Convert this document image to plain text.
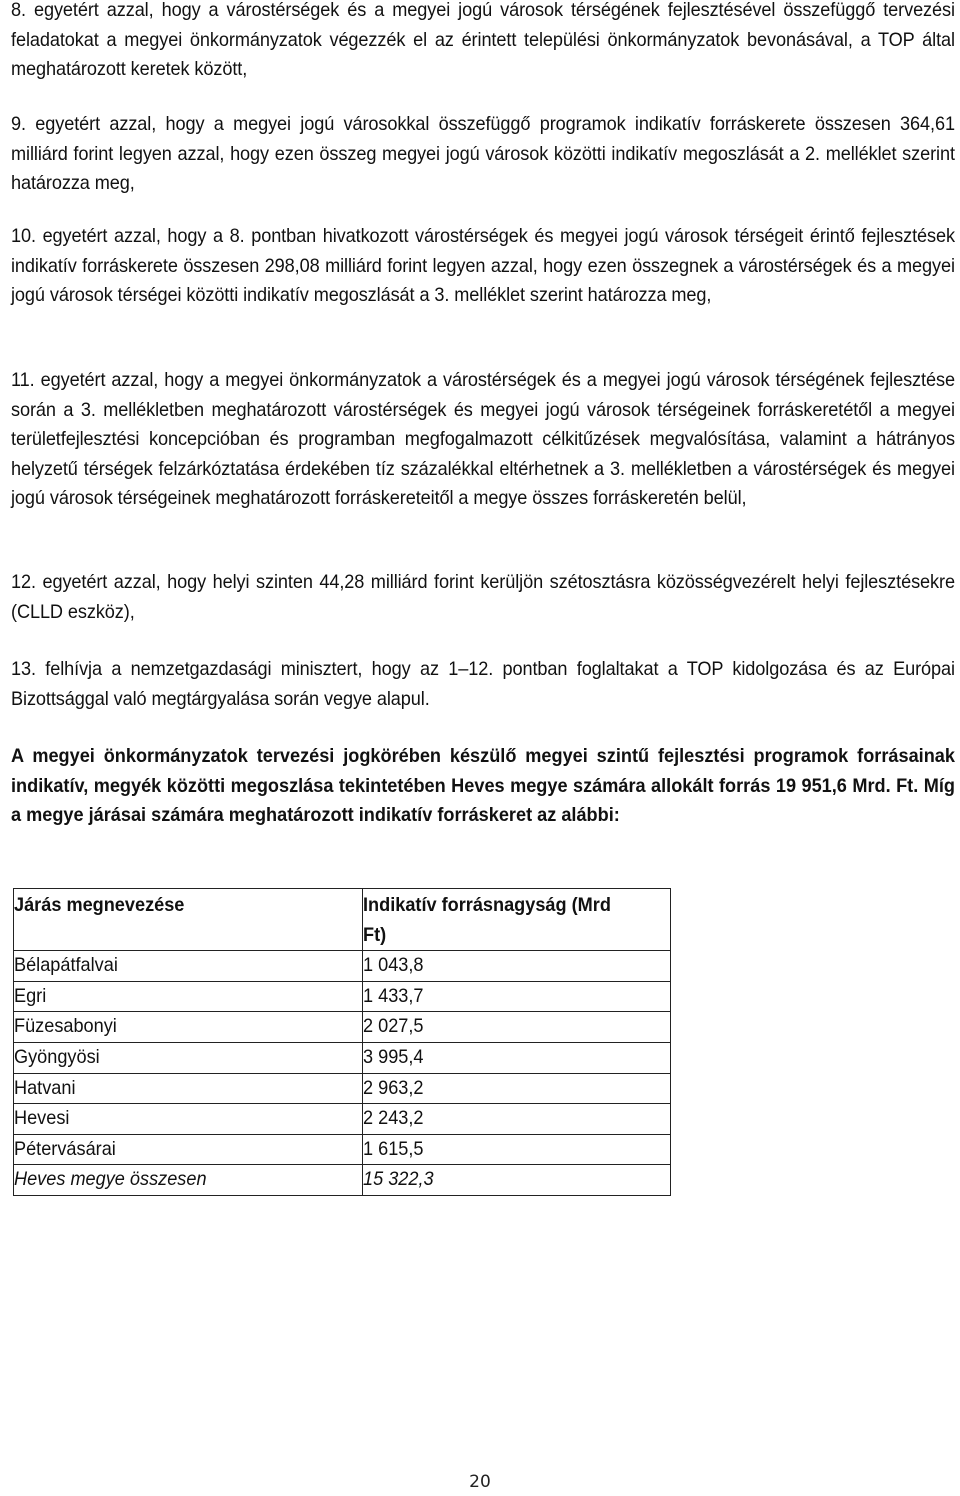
8. egyetért azzal, hogy a várostérségek és a megyei jogú városok térségének fejlesztésével összefüggő tervezési feladatokat a megyei önkormányzatok végezzék el az érintett települési önkormányzatok bevonásával, a TOP által meghatározott keretek között,

9. egyetért azzal, hogy a megyei jogú városokkal összefüggő programok indikatív forráskerete összesen 364,61 milliárd forint legyen azzal, hogy ezen összeg megyei jogú városok közötti indikatív megoszlását a 2. melléklet szerint határozza meg,

10. egyetért azzal, hogy a 8. pontban hivatkozott várostérségek és megyei jogú városok térségeit érintő fejlesztések indikatív forráskerete összesen 298,08 milliárd forint legyen azzal, hogy ezen összegnek a várostérségek és a megyei jogú városok térségei közötti indikatív megoszlását a 3. melléklet szerint határozza meg,

11. egyetért azzal, hogy a megyei önkormányzatok a várostérségek és a megyei jogú városok térségének fejlesztése során a 3. mellékletben meghatározott várostérségek és megyei jogú városok térségeinek forráskeretétől a megyei területfejlesztési koncepcióban és programban megfogalmazott célkitűzések megvalósítása, valamint a hátrányos helyzetű térségek felzárkóztatása érdekében tíz százalékkal eltérhetnek a 3. mellékletben a várostérségek és megyei jogú városok térségeinek meghatározott forráskereteitől a megye összes forráskeretén belül,

12. egyetért azzal, hogy helyi szinten 44,28 milliárd forint kerüljön szétosztásra közösségvezérelt helyi fejlesztésekre (CLLD eszköz),

13. felhívja a nemzetgazdasági minisztert, hogy az 1–12. pontban foglaltakat a TOP kidolgozása és az Európai Bizottsággal való megtárgyalása során vegye alapul.

A megyei önkormányzatok tervezési jogkörében készülő megyei szintű fejlesztési programok forrásainak indikatív, megyék közötti megoszlása tekintetében Heves megye számára allokált forrás 19 951,6 Mrd. Ft. Míg a megye járásai számára meghatározott indikatív forráskeret az alábbi:

Járás megnevezése	Indikatív forrásnagyság (Mrd
Ft)

Bélapátfalvai	1 043,8

Egri	1 433,7

Füzesabonyi	2 027,5

Gyöngyösi	3 995,4

Hatvani	2 963,2

Hevesi	2 243,2

Pétervásárai	1 615,5

Heves megye összesen	15 322,3
20
